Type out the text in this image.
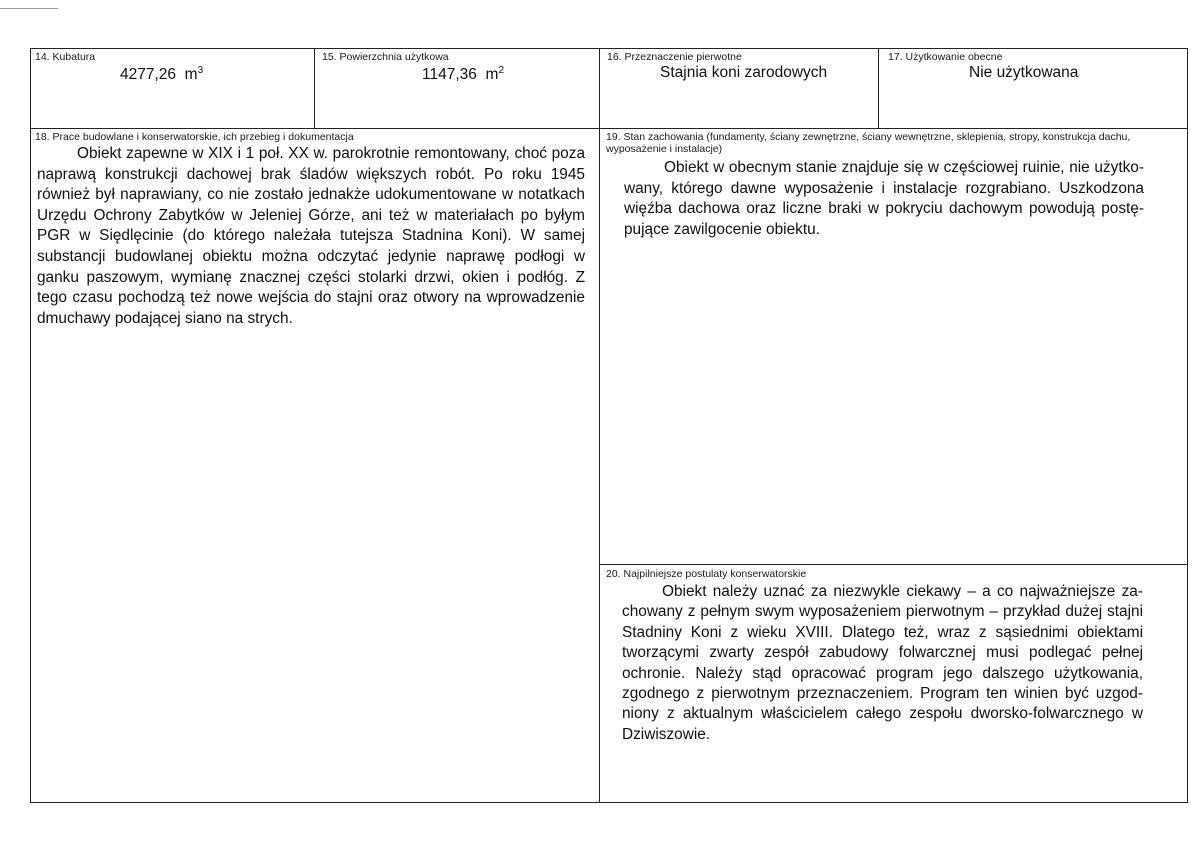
14. Kubatura
4277,26 $m^3$
15. Powierzchnia użytkowa
1147,36 $m^2$
16. Przeznaczenie pierwotne
Stajnia koni zarodowych
17. Użytkowanie obecne
Nie użytkowana
18. Prace budowlane i konserwatorskie, ich przebieg i dokumentacja

Obiekt zapewne w XIX i 1 poł. XX w. parokrotnie remontowany, choć poza naprawą konstrukcji dachowej brak śladów większych robót. Po roku 1945 również był naprawiany, co nie zostało jednakże udokumentowane w notatkach Urzędu Ochrony Zabytków w Jeleniej Górze, ani też w materiałach po byłym PGR w Siędlęcinie (do którego należała tutejsza Stadnina Koni). W samej substancji budowlanej obiektu można odczytać jedynie naprawę podłogi w ganku paszowym, wymianę znacznej części stolarki drzwi, okien i podłóg. Z tego czasu pochodzą też nowe wejścia do stajni oraz otwory na wprowadzenie dmuchawy podającej siano na strych.

19. Stan zachowania (fundamenty, ściany zewnętrzne, ściany wewnętrzne, sklepienia, stropy, konstrukcja dachu, wyposażenie i instalacje)

Obiekt w obecnym stanie znajduje się w częściowej ruinie, nie użytkowany, którego dawne wyposażenie i instalacje rozgrabiano. Uszkodzona więźba dachowa oraz liczne braki w pokryciu dachowym powodują postępujące zawilgocenie obiektu.

20. Najpilniejsze postulaty konserwatorskie

Obiekt należy uznać za niezwykle ciekawy – a co najważniejsze zachowany z pełnym swym wyposażeniem pierwotnym – przykład dużej stajni Stadniny Koni z wieku XVIII. Dlatego też, wraz z sąsiednimi obiektami tworzącymi zwarty zespół zabudowy folwarcznej musi podlegać pełnej ochronie. Należy stąd opracować program jego dalszego użytkowania, zgodnego z pierwotnym przeznaczeniem. Program ten winien być uzgodniony z aktualnym właścicielem całego zespołu dworsko-folwarcznego w Dziwiszowie.
